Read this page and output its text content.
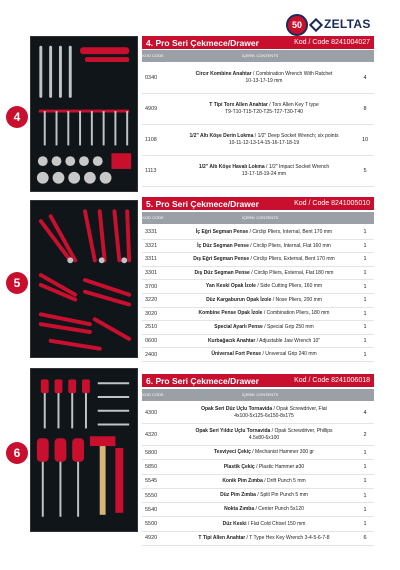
50	ZELTAS
4
4. Pro Seri Çekmece/Drawer	Kod / Code 8241004027
KOD CODE	İÇERİK CONTENTS
0340
Circır Kombine Anahtar / Combination Wrench With Ratchet
10-13-17-19 mm	4
4909
T Tipi Torx Allen Anahtar / Torx Allen Key T type
T9-T10-T15-T20-T25-T27-T30-T40	8
1108
1/2" Altı Köşe Derin Lokma / 1/2" Deep Socket Wrench; six points
10-11-12-13-14-15-16-17-18-19	10
1113
1/2" Altı Köşe Havalı Lokma / 1/2" Impact Socket Wrench
13-17-18-19-24 mm	5
5
5. Pro Seri Çekmece/Drawer	Kod / Code 8241005010
KOD CODE	İÇERİK CONTENTS
3331	İç Eğri Segman Pense / Circlip Pliers, Internal, Bent 170 mm	1
3321	İç Düz Segman Pense / Circlip Pliers, Internal, Flat 160 mm	1
3311	Dış Eğri Segman Pense / Circlip Pliers, External, Bent 170 mm	1
3301	Dış Düz Segman Pense / Circlip Pliers, External, Flat 180 mm	1
3700	Yan Keski Opak İzole / Side Cutting Pliers, 160 mm	1
3220	Düz Kargaburun Opak İzole / Nose Pliers, 200 mm	1
3020	Kombine Pense Opak İzole / Combination Pliers, 180 mm	1
2510	Special Ayarlı Pense / Special Grip 250 mm	1
0600	Kurbağacık Anahtar / Adjustable Jaw Wrench 10"	1
2400	Üniversal Fort Pense / Unıversal Grip 240 mm	1
6
6. Pro Seri Çekmece/Drawer	Kod / Code 8241006018
KOD CODE	İÇERİK CONTENTS
4300
Opak Seri Düz Uçlu Tornavida / Opak Screwdriver, Flat
4x100-5x125-6x150-8x175	4
4320
Opak Seri Yıldız Uçlu Tornavida / Opak Screwdriver, Phillips
4.5x80-6x100	2
5800	Tesviyeci Çekiç / Mechanist Hammer 300 gr	1
5850	Plastik Çekiç / Plastic Hammer ø30	1
5545	Konik Pim Zımba / Drift Punch 5 mm	1
5550	Düz Pim Zımba / Split Pin Punch 5 mm	1
5540	Nokta Zımba / Center Punch 5x120	1
5500	Düz Keski / Flat Cold Chisel 150 mm	1
4920	T Tipi Allen Anahtar / T Type Hex Key Wrench 3-4-5-6-7-8	6
